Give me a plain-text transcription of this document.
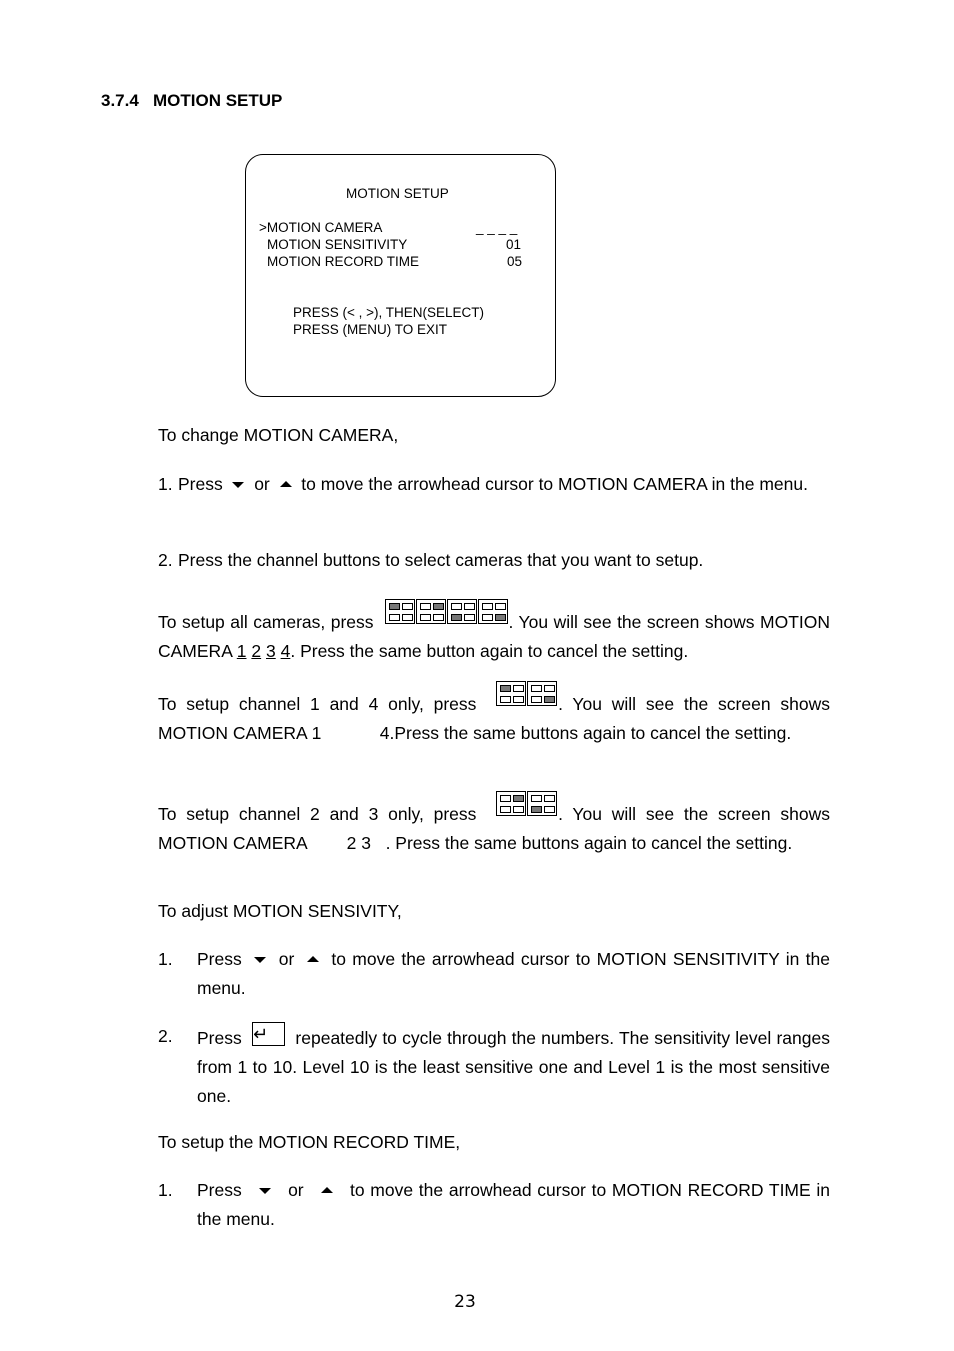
3.7.4 MOTION SETUP
MOTION SETUP
>MOTION CAMERA	_ _ _ _
MOTION SENSITIVITY	01
MOTION RECORD TIME	05
PRESS (< , >), THEN(SELECT)
PRESS (MENU) TO EXIT
To change MOTION CAMERA,
1. Press or to move the arrowhead cursor to MOTION CAMERA in the menu.
2. Press the channel buttons to select cameras that you want to setup.
To setup all cameras, press	. You will see the screen shows MOTION CAMERA 1 2 3 4. Press the same button again to cancel the setting.
To setup channel 1 and 4 only, press	. You will see the screen shows MOTION CAMERA 1	4.Press the same buttons again to cancel the setting.
To setup channel 2 and 3 only, press	. You will see the screen shows MOTION CAMERA 2 3 . Press the same buttons again to cancel the setting.
To adjust MOTION SENSIVITY,
1. Press or to move the arrowhead cursor to MOTION SENSITIVITY in the menu.
2. Press ↵ repeatedly to cycle through the numbers. The sensitivity level ranges from 1 to 10. Level 10 is the least sensitive one and Level 1 is the most sensitive one.
To setup the MOTION RECORD TIME,
1. Press	or	to move the arrowhead cursor to MOTION RECORD TIME in the menu.
23
